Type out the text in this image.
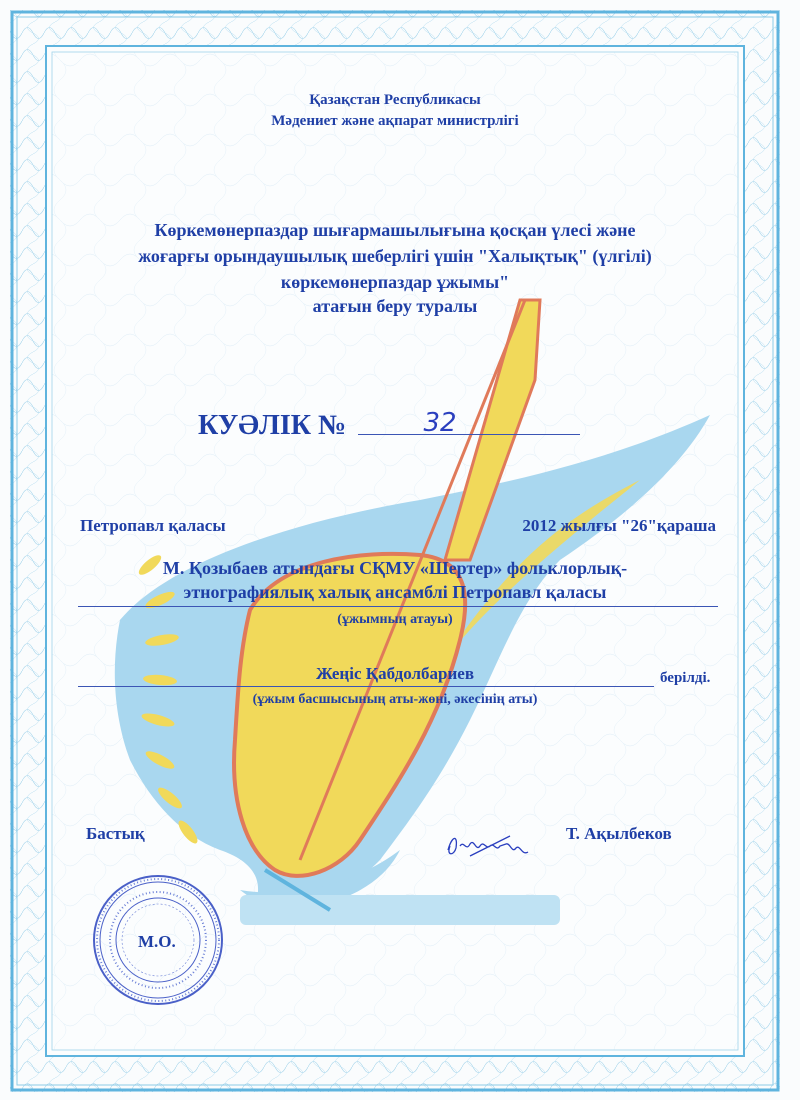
Қазақстан Республикасы
Мәдениет және ақпарат министрлігі
Көркемөнерпаздар шығармашылығына қосқан үлесі және
жоғарғы орындаушылық шеберлігі үшін "Халықтық" (үлгілі)
көркемөнерпаздар ұжымы"
атағын беру туралы
КУӘЛІК №	32
Петропавл қаласы	2012 жылғы "26"қараша
М. Қозыбаев атындағы СҚМУ «Шертер» фольклорлық-
этнографиялық халық ансамблі Петропавл қаласы
(ұжымның атауы)
Жеңіс Қабдолбариев	берілді.
(ұжым басшысының аты-жөні, әкесінің аты)
Бастық	Т. Ақылбеков
М.О.
